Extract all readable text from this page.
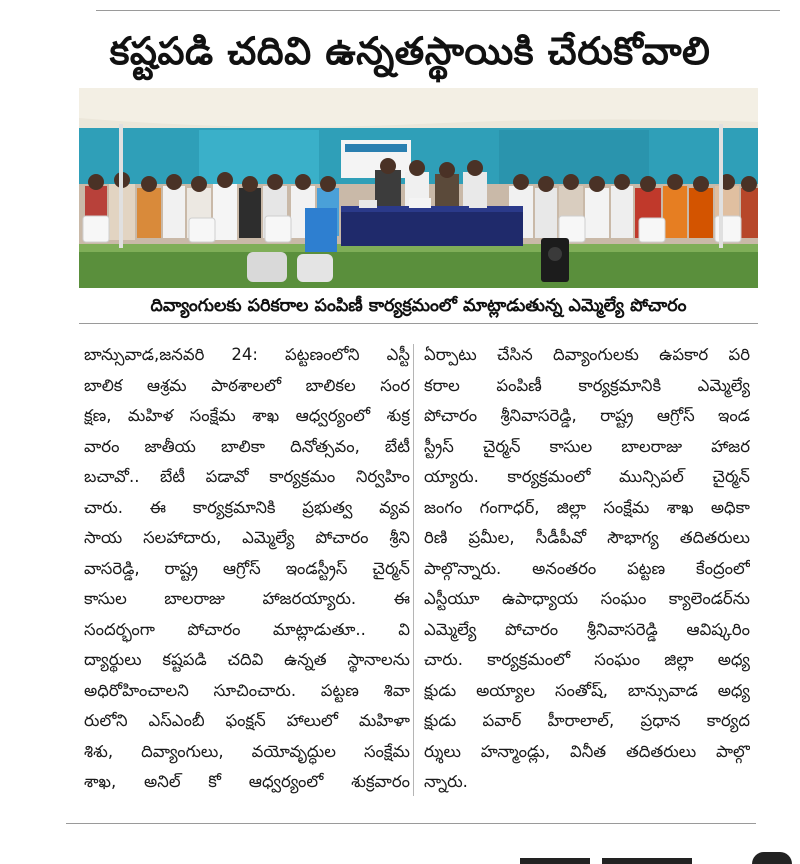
కష్టపడి చదివి ఉన్నతస్థాయికి చేరుకోవాలి
దివ్యాంగులకు పరికరాల పంపిణీ కార్యక్రమంలో మాట్లాడుతున్న ఎమ్మెల్యే పోచారం
బాన్సువాడ,జనవరి 24: పట్టణంలోని ఎస్టీ
బాలిక ఆశ్రమ పాఠశాలలో బాలికల సంర
క్షణ, మహిళ సంక్షేమ శాఖ ఆధ్వర్యంలో శుక్ర
వారం జాతీయ బాలికా దినోత్సవం, బేటీ
బచావో.. బేటీ పడావో కార్యక్రమం నిర్వహిం
చారు. ఈ కార్యక్రమానికి ప్రభుత్వ వ్యవ
సాయ సలహాదారు, ఎమ్మెల్యే పోచారం శ్రీని
వాసరెడ్డి, రాష్ట్ర ఆగ్రోస్ ఇండస్ట్రీస్ చైర్మన్
కాసుల బాలరాజు హాజరయ్యారు. ఈ
సందర్భంగా పోచారం మాట్లాడుతూ.. వి
ద్యార్థులు కష్టపడి చదివి ఉన్నత స్థానాలను
అధిరోహించాలని సూచించారు. పట్టణ శివా
రులోని ఎస్ఎంబీ ఫంక్షన్ హాలులో మహిళా
శిశు, దివ్యాంగులు, వయోవృద్ధుల సంక్షేమ
శాఖ, అనిల్ కో ఆధ్వర్యంలో శుక్రవారం
ఏర్పాటు చేసిన దివ్యాంగులకు ఉపకార పరి
కరాల పంపిణీ కార్యక్రమానికి ఎమ్మెల్యే
పోచారం శ్రీనివాసరెడ్డి, రాష్ట్ర ఆగ్రోస్ ఇండ
స్ట్రీస్ చైర్మన్ కాసుల బాలరాజు హాజర
య్యారు. కార్యక్రమంలో మున్సిపల్ చైర్మన్
జంగం గంగాధర్, జిల్లా సంక్షేమ శాఖ అధికా
రిణి ప్రమీల, సీడీపీవో సౌభాగ్య తదితరులు
పాల్గొన్నారు. అనంతరం పట్టణ కేంద్రంలో
ఎస్టీయూ ఉపాధ్యాయ సంఘం క్యాలెండర్‌ను
ఎమ్మెల్యే పోచారం శ్రీనివాసరెడ్డి ఆవిష్కరిం
చారు. కార్యక్రమంలో సంఘం జిల్లా అధ్య
క్షుడు అయ్యాల సంతోష్, బాన్సువాడ అధ్య
క్షుడు పవార్ హీరాలాల్, ప్రధాన కార్యద
ర్శులు హన్మాండ్లు, వినీత తదితరులు పాల్గొ
న్నారు.
